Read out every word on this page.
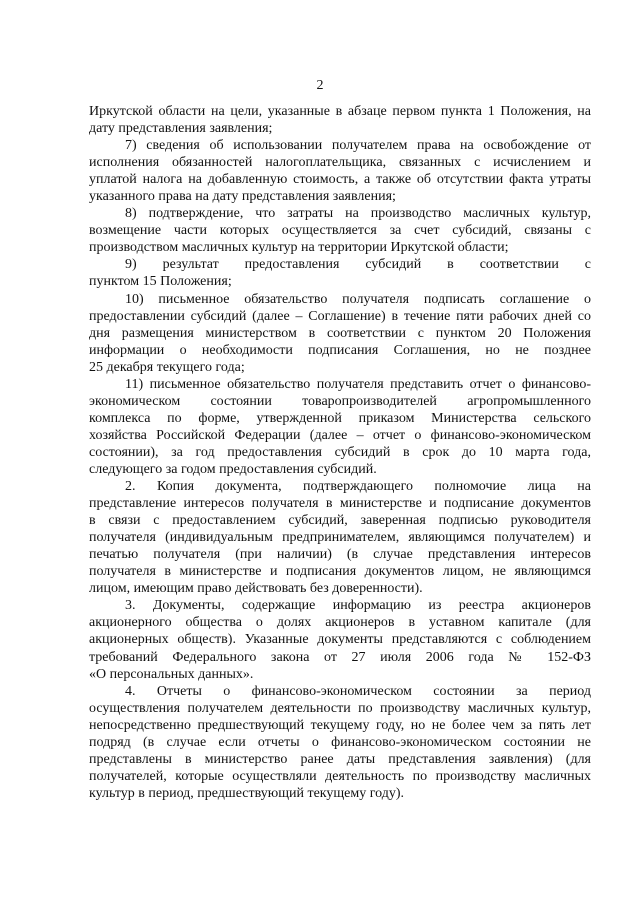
2
Иркутской области на цели, указанные в абзаце первом пункта 1 Положения, на
дату представления заявления;
7) сведения об использовании получателем права на освобождение от
исполнения обязанностей налогоплательщика, связанных с исчислением и
уплатой налога на добавленную стоимость, а также об отсутствии факта утраты
указанного права на дату представления заявления;
8) подтверждение, что затраты на производство масличных культур,
возмещение части которых осуществляется за счет субсидий, связаны с
производством масличных культур на территории Иркутской области;
9) результат предоставления субсидий в соответствии с
пунктом 15 Положения;
10) письменное обязательство получателя подписать соглашение о
предоставлении субсидий (далее – Соглашение) в течение пяти рабочих дней со
дня размещения министерством в соответствии с пунктом 20 Положения
информации о необходимости подписания Соглашения, но не позднее
25 декабря текущего года;
11) письменное обязательство получателя представить отчет о финансово-
экономическом состоянии товаропроизводителей агропромышленного
комплекса по форме, утвержденной приказом Министерства сельского
хозяйства Российской Федерации (далее – отчет о финансово-экономическом
состоянии), за год предоставления субсидий в срок до 10 марта года,
следующего за годом предоставления субсидий.
2. Копия документа, подтверждающего полномочие лица на
представление интересов получателя в министерстве и подписание документов
в связи с предоставлением субсидий, заверенная подписью руководителя
получателя (индивидуальным предпринимателем, являющимся получателем) и
печатью получателя (при наличии) (в случае представления интересов
получателя в министерстве и подписания документов лицом, не являющимся
лицом, имеющим право действовать без доверенности).
3. Документы, содержащие информацию из реестра акционеров
акционерного общества о долях акционеров в уставном капитале (для
акционерных обществ). Указанные документы представляются с соблюдением
требований Федерального закона от 27 июля 2006 года № 152-ФЗ
«О персональных данных».
4. Отчеты о финансово-экономическом состоянии за период
осуществления получателем деятельности по производству масличных культур,
непосредственно предшествующий текущему году, но не более чем за пять лет
подряд (в случае если отчеты о финансово-экономическом состоянии не
представлены в министерство ранее даты представления заявления) (для
получателей, которые осуществляли деятельность по производству масличных
культур в период, предшествующий текущему году).
